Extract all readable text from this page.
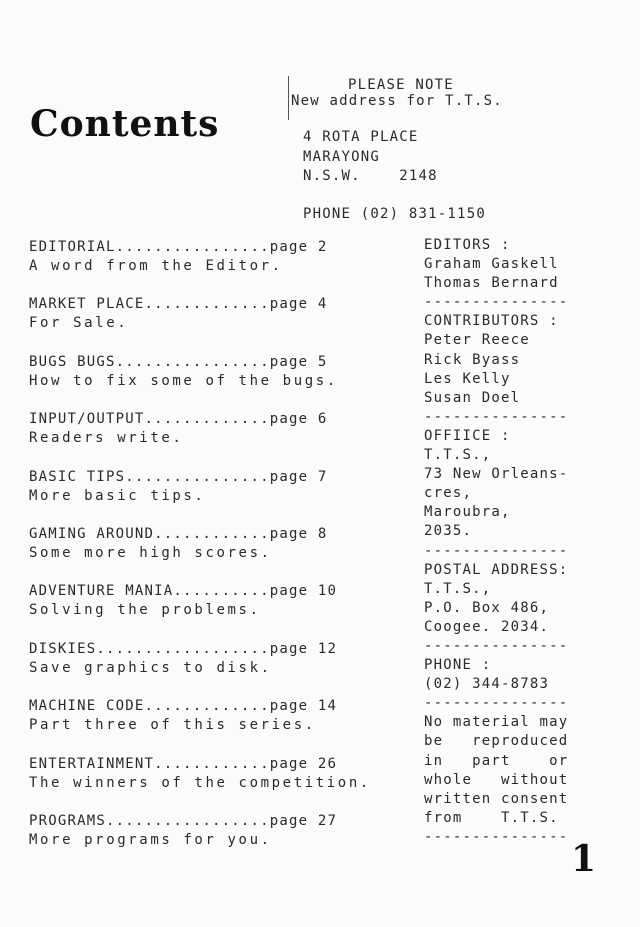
Contents
PLEASE NOTE
New address for T.T.S.
4 ROTA PLACE
MARAYONG
N.S.W.    2148
PHONE (02) 831-1150
EDITORIAL................page 2
A word from the Editor.
MARKET PLACE.............page 4
For Sale.
BUGS BUGS................page 5
How to fix some of the bugs.
INPUT/OUTPUT.............page 6
Readers write.
BASIC TIPS...............page 7
More basic tips.
GAMING AROUND............page 8
Some more high scores.
ADVENTURE MANIA..........page 10
Solving the problems.
DISKIES..................page 12
Save graphics to disk.
MACHINE CODE.............page 14
Part three of this series.
ENTERTAINMENT............page 26
The winners of the competition.
PROGRAMS.................page 27
More programs for you.
EDITORS :
Graham Gaskell
Thomas Bernard
---------------
CONTRIBUTORS :
Peter Reece
Rick Byass
Les Kelly
Susan Doel
---------------
OFFIICE :
T.T.S.,
73 New Orleans-
cres,
Maroubra,
2035.
---------------
POSTAL ADDRESS:
T.T.S.,
P.O. Box 486,
Coogee. 2034.
---------------
PHONE :
(02) 344-8783
---------------
No material may
be   reproduced
in   part    or
whole   without
written consent
from    T.T.S.
---------------
1
